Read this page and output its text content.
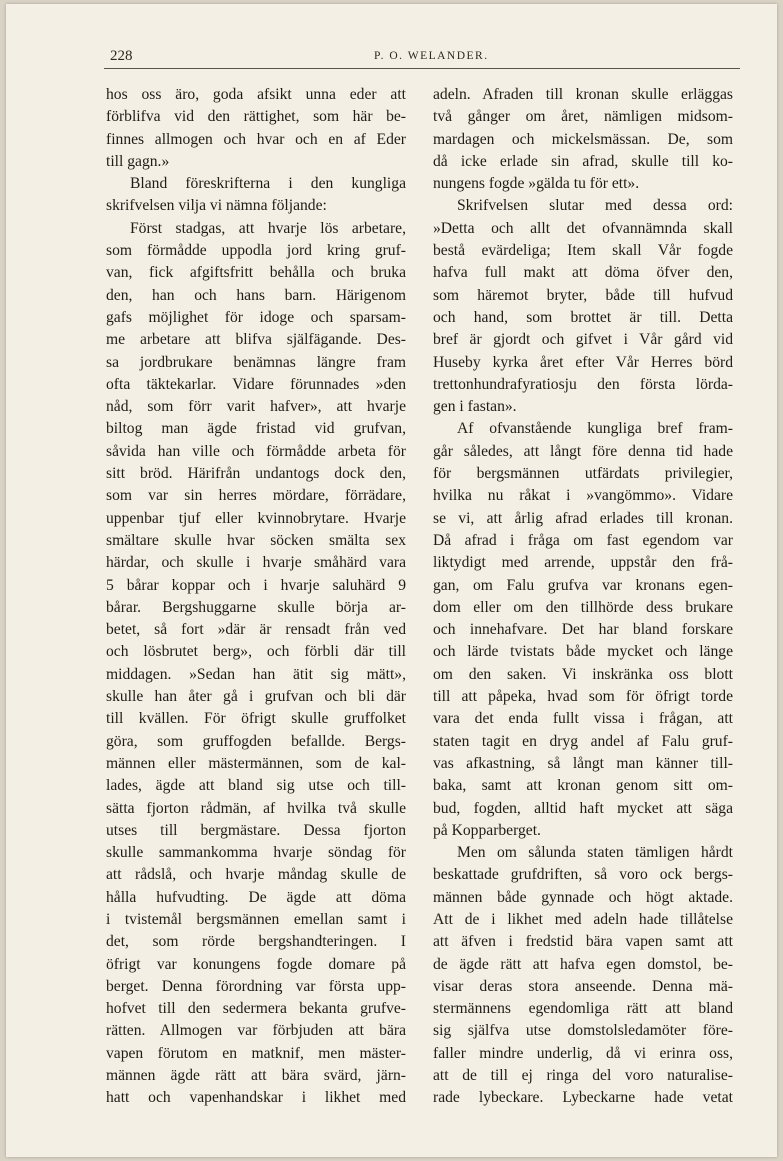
228	P. O. WELANDER.
hos oss äro, goda afsikt unna eder att
förblifva vid den rättighet, som här be-
finnes allmogen och hvar och en af Eder
till gagn.»
Bland föreskrifterna i den kungliga
skrifvelsen vilja vi nämna följande:
Först stadgas, att hvarje lös arbetare,
som förmådde uppodla jord kring gruf-
van, fick afgiftsfritt behålla och bruka
den, han och hans barn. Härigenom
gafs möjlighet för idoge och sparsam-
me arbetare att blifva själfägande. Des-
sa jordbrukare benämnas längre fram
ofta täktekarlar. Vidare förunnades »den
nåd, som förr varit hafver», att hvarje
biltog man ägde fristad vid grufvan,
såvida han ville och förmådde arbeta för
sitt bröd. Härifrån undantogs dock den,
som var sin herres mördare, förrädare,
uppenbar tjuf eller kvinnobrytare. Hvarje
smältare skulle hvar söcken smälta sex
härdar, och skulle i hvarje småhärd vara
5 bårar koppar och i hvarje saluhärd 9
bårar. Bergshuggarne skulle börja ar-
betet, så fort »där är rensadt från ved
och lösbrutet berg», och förbli där till
middagen. »Sedan han ätit sig mätt»,
skulle han åter gå i grufvan och bli där
till kvällen. För öfrigt skulle gruffolket
göra, som gruffogden befallde. Bergs-
männen eller mästermännen, som de kal-
lades, ägde att bland sig utse och till-
sätta fjorton rådmän, af hvilka två skulle
utses till bergmästare. Dessa fjorton
skulle sammankomma hvarje söndag för
att rådslå, och hvarje måndag skulle de
hålla hufvudting. De ägde att döma
i tvistemål bergsmännen emellan samt i
det, som rörde bergshandteringen. I
öfrigt var konungens fogde domare på
berget. Denna förordning var första upp-
hofvet till den sedermera bekanta grufve-
rätten. Allmogen var förbjuden att bära
vapen förutom en matknif, men mäster-
männen ägde rätt att bära svärd, järn-
hatt och vapenhandskar i likhet med
adeln. Afraden till kronan skulle erläggas
två gånger om året, nämligen midsom-
mardagen och mickelsmässan. De, som
då icke erlade sin afrad, skulle till ko-
nungens fogde »gälda tu för ett».
Skrifvelsen slutar med dessa ord:
»Detta och allt det ofvannämnda skall
bestå evärdeliga; Item skall Vår fogde
hafva full makt att döma öfver den,
som häremot bryter, både till hufvud
och hand, som brottet är till. Detta
bref är gjordt och gifvet i Vår gård vid
Huseby kyrka året efter Vår Herres börd
trettonhundrafyratiosju den första lörda-
gen i fastan».
Af ofvanstående kungliga bref fram-
går således, att långt före denna tid hade
för bergsmännen utfärdats privilegier,
hvilka nu råkat i »vangömmo». Vidare
se vi, att årlig afrad erlades till kronan.
Då afrad i fråga om fast egendom var
liktydigt med arrende, uppstår den frå-
gan, om Falu grufva var kronans egen-
dom eller om den tillhörde dess brukare
och innehafvare. Det har bland forskare
och lärde tvistats både mycket och länge
om den saken. Vi inskränka oss blott
till att påpeka, hvad som för öfrigt torde
vara det enda fullt vissa i frågan, att
staten tagit en dryg andel af Falu gruf-
vas afkastning, så långt man känner till-
baka, samt att kronan genom sitt om-
bud, fogden, alltid haft mycket att säga
på Kopparberget.
Men om sålunda staten tämligen hårdt
beskattade grufdriften, så voro ock bergs-
männen både gynnade och högt aktade.
Att de i likhet med adeln hade tillåtelse
att äfven i fredstid bära vapen samt att
de ägde rätt att hafva egen domstol, be-
visar deras stora anseende. Denna mä-
stermännens egendomliga rätt att bland
sig själfva utse domstolsledamöter före-
faller mindre underlig, då vi erinra oss,
att de till ej ringa del voro naturalise-
rade lybeckare. Lybeckarne hade vetat
